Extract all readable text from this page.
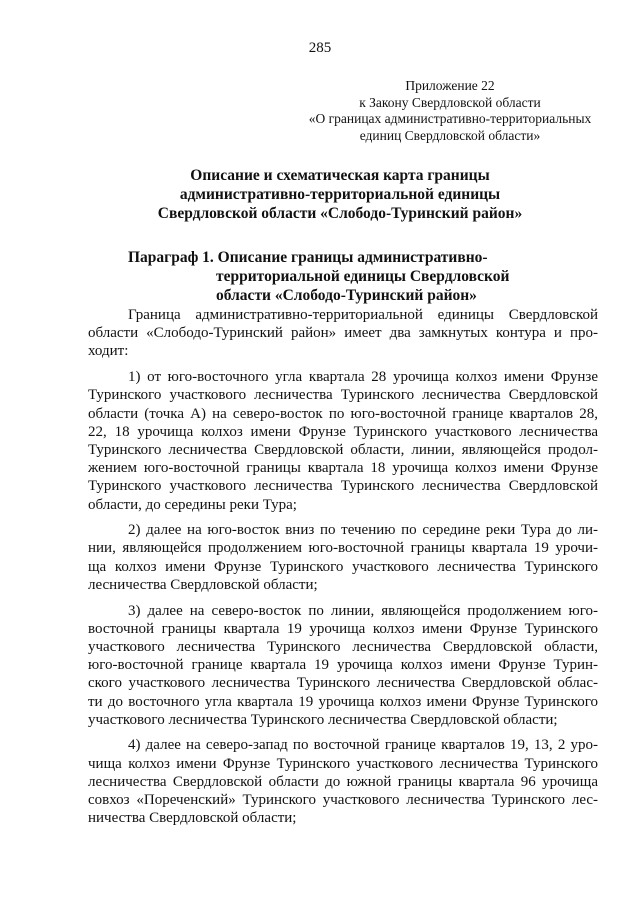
285
Приложение 22
к Закону Свердловской области
«О границах административно-территориальных
единиц Свердловской области»
Описание и схематическая карта границы
административно-территориальной единицы
Свердловской области «Слободо-Туринский район»
Параграф 1. Описание границы административно-
территориальной единицы Свердловской
области «Слободо-Туринский район»
Граница административно-территориальной единицы Свердловской
области «Слободо-Туринский район» имеет два замкнутых контура и про-
ходит:
1) от юго-восточного угла квартала 28 урочища колхоз имени Фрунзе
Туринского участкового лесничества Туринского лесничества Свердловской
области (точка А) на северо-восток по юго-восточной границе кварталов 28,
22, 18 урочища колхоз имени Фрунзе Туринского участкового лесничества
Туринского лесничества Свердловской области, линии, являющейся продол-
жением юго-восточной границы квартала 18 урочища колхоз имени Фрунзе
Туринского участкового лесничества Туринского лесничества Свердловской
области, до середины реки Тура;
2) далее на юго-восток вниз по течению по середине реки Тура до ли-
нии, являющейся продолжением юго-восточной границы квартала 19 урочи-
ща колхоз имени Фрунзе Туринского участкового лесничества Туринского
лесничества Свердловской области;
3) далее на северо-восток по линии, являющейся продолжением юго-
восточной границы квартала 19 урочища колхоз имени Фрунзе Туринского
участкового лесничества Туринского лесничества Свердловской области,
юго-восточной границе квартала 19 урочища колхоз имени Фрунзе Турин-
ского участкового лесничества Туринского лесничества Свердловской облас-
ти до восточного угла квартала 19 урочища колхоз имени Фрунзе Туринского
участкового лесничества Туринского лесничества Свердловской области;
4) далее на северо-запад по восточной границе кварталов 19, 13, 2 уро-
чища колхоз имени Фрунзе Туринского участкового лесничества Туринского
лесничества Свердловской области до южной границы квартала 96 урочища
совхоз «Пореченский» Туринского участкового лесничества Туринского лес-
ничества Свердловской области;
